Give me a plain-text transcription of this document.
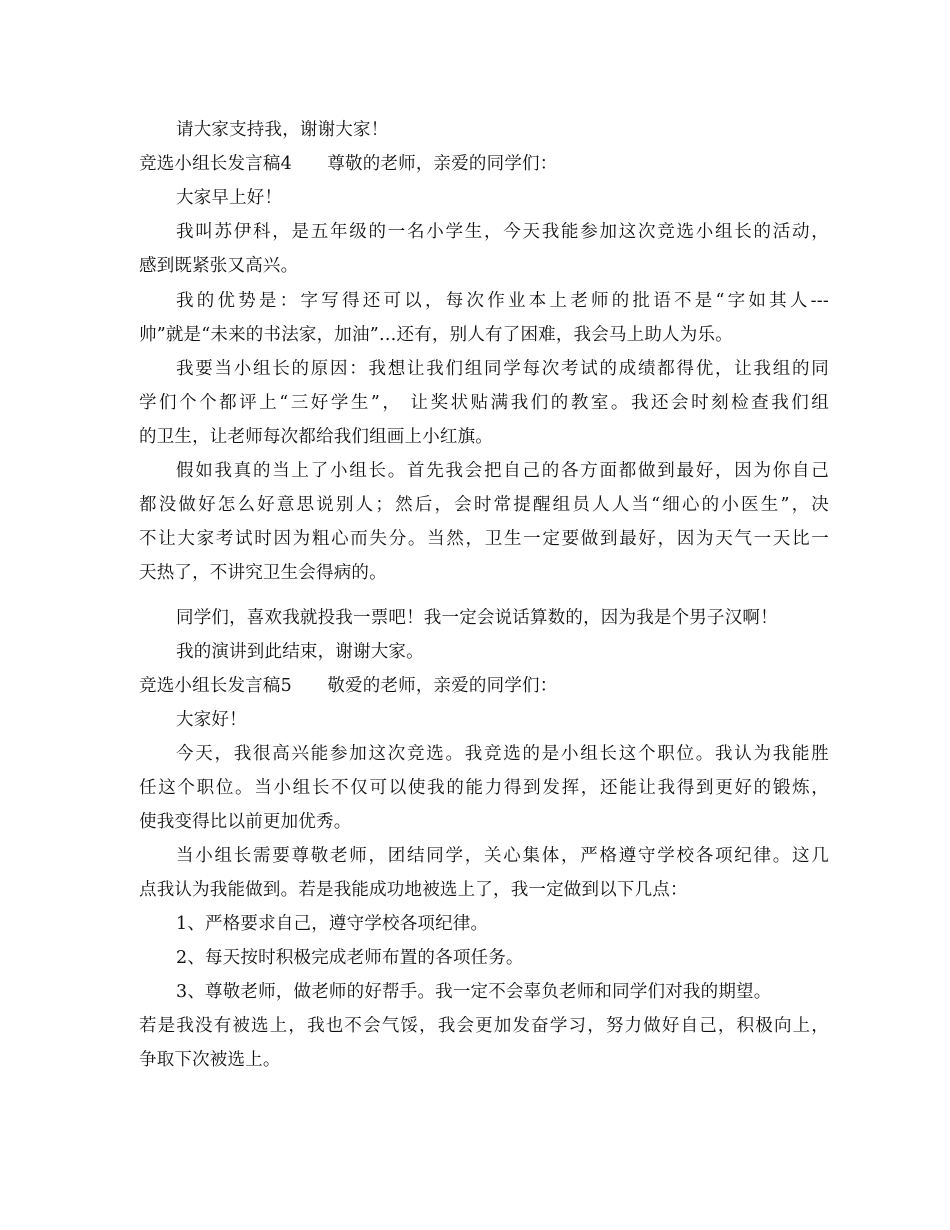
请大家支持我，谢谢大家！
竞选小组长发言稿4　　尊敬的老师，亲爱的同学们：
大家早上好！
我叫苏伊科，是五年级的一名小学生，今天我能参加这次竞选小组长的活动，
感到既紧张又高兴。
我的优势是：字写得还可以，每次作业本上老师的批语不是“字如其人---
帅”就是“未来的书法家，加油”…还有，别人有了困难，我会马上助人为乐。
我要当小组长的原因：我想让我们组同学每次考试的成绩都得优，让我组的同
学们个个都评上“三好学生”， 让奖状贴满我们的教室。我还会时刻检查我们组
的卫生，让老师每次都给我们组画上小红旗。
假如我真的当上了小组长。首先我会把自己的各方面都做到最好，因为你自己
都没做好怎么好意思说别人；然后，会时常提醒组员人人当“细心的小医生”，决
不让大家考试时因为粗心而失分。当然，卫生一定要做到最好，因为天气一天比一
天热了，不讲究卫生会得病的。
同学们，喜欢我就投我一票吧！我一定会说话算数的，因为我是个男子汉啊！
我的演讲到此结束，谢谢大家。
竞选小组长发言稿5　　敬爱的老师，亲爱的同学们：
大家好！
今天，我很高兴能参加这次竞选。我竞选的是小组长这个职位。我认为我能胜
任这个职位。当小组长不仅可以使我的能力得到发挥，还能让我得到更好的锻炼，
使我变得比以前更加优秀。
当小组长需要尊敬老师，团结同学，关心集体，严格遵守学校各项纪律。这几
点我认为我能做到。若是我能成功地被选上了，我一定做到以下几点：
1、严格要求自己，遵守学校各项纪律。
2、每天按时积极完成老师布置的各项任务。
3、尊敬老师，做老师的好帮手。我一定不会辜负老师和同学们对我的期望。
若是我没有被选上，我也不会气馁，我会更加发奋学习，努力做好自己，积极向上，
争取下次被选上。
